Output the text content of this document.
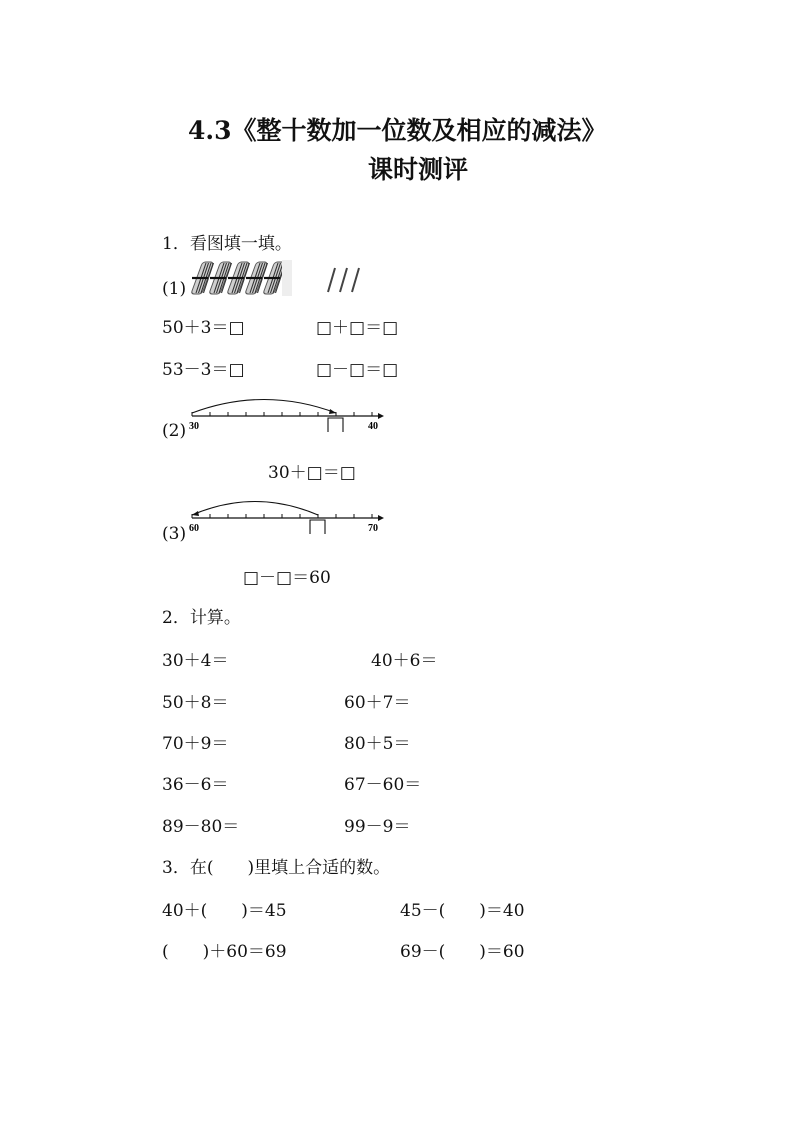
4.3《整十数加一位数及相应的减法》
课时测评
1．看图填一填。
(1)
50＋3＝□	□＋□＝□
53－3＝□	□－□＝□
(2) 30	40
30＋□＝□
(3) 60	70
□－□＝60
2．计算。
30＋4＝	40＋6＝
50＋8＝	60＋7＝
70＋9＝	80＋5＝
36－6＝	67－60＝
89－80＝	99－9＝
3．在(　　)里填上合适的数。
40＋(　　)＝45	45－(　　)＝40
(　　)＋60＝69	69－(　　)＝60
